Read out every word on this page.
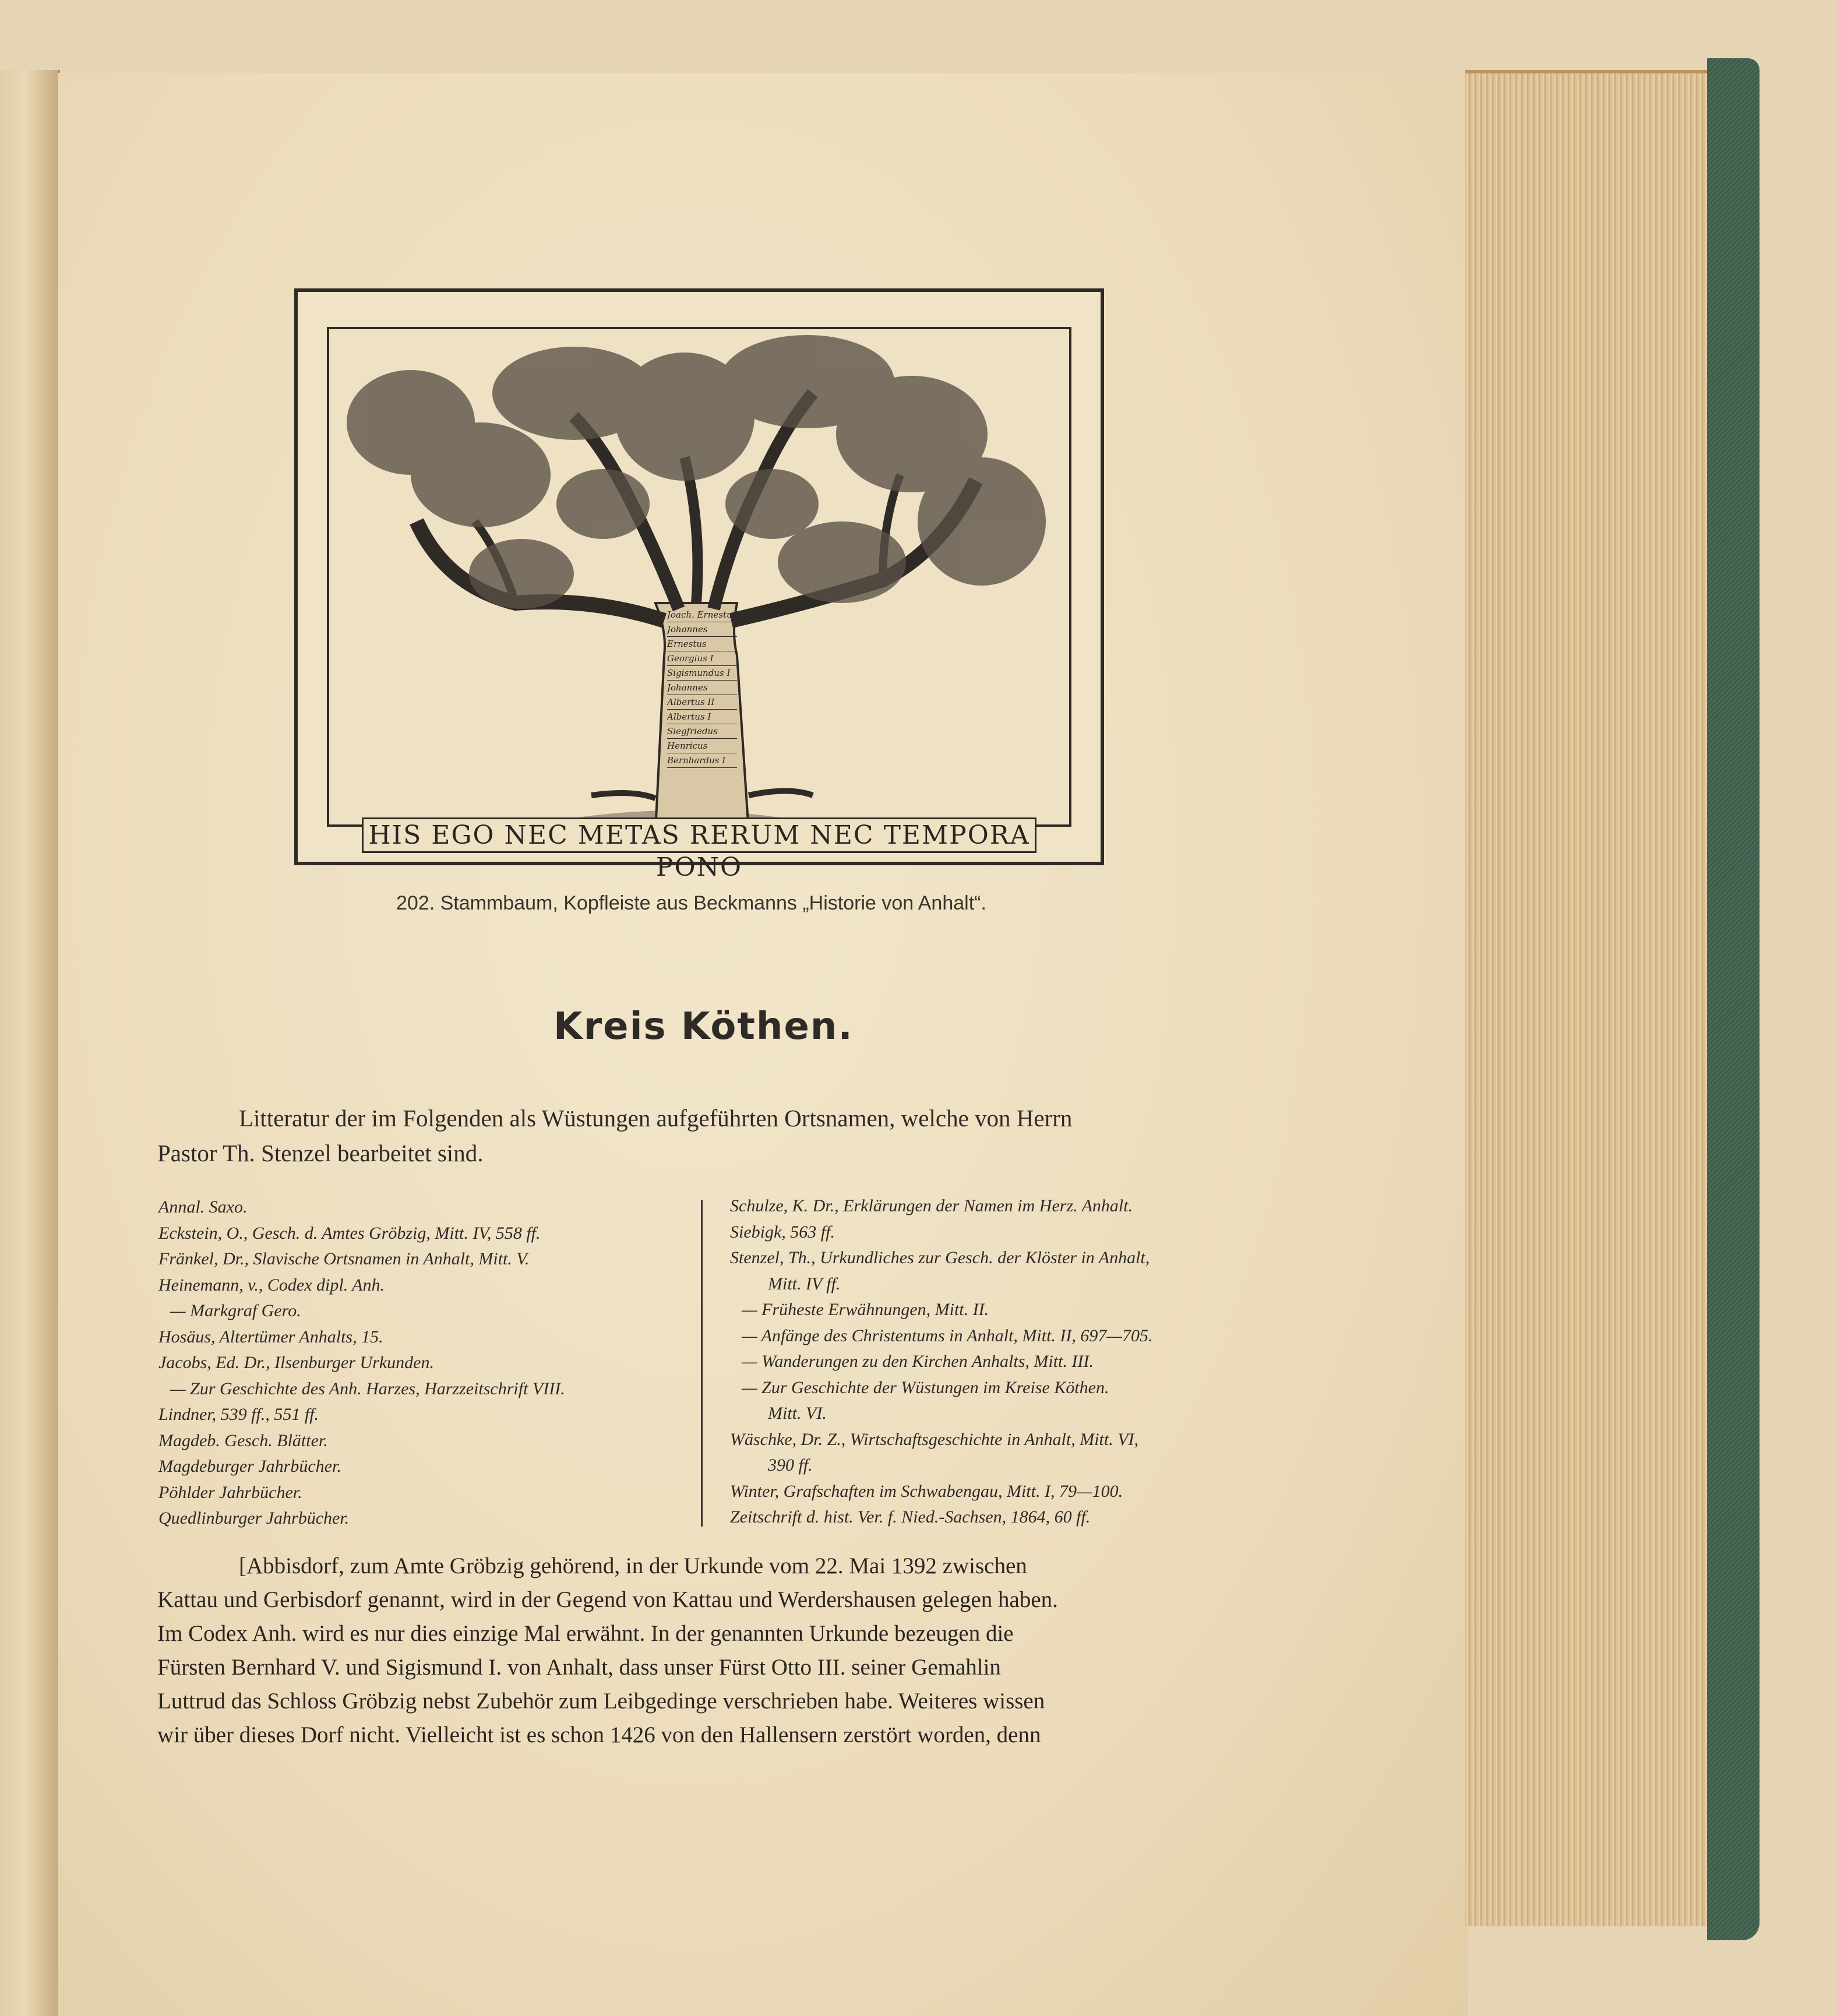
Joach. Ernestus
Johannes
Ernestus
Georgius I
Sigismundus I
Johannes
Albertus II
Albertus I
Siegfriedus
Henricus
Bernhardus I
HIS EGO NEC METAS RERUM NEC TEMPORA PONO
202. Stammbaum, Kopfleiste aus Beckmanns „Historie von Anhalt“.
Kreis Köthen.
Litteratur der im Folgenden als Wüstungen aufgeführten Ortsnamen, welche von Herrn
Pastor Th. Stenzel bearbeitet sind.
Annal. Saxo.
Eckstein, O., Gesch. d. Amtes Gröbzig, Mitt. IV, 558 ff.
Fränkel, Dr., Slavische Ortsnamen in Anhalt, Mitt. V.
Heinemann, v., Codex dipl. Anh.
— Markgraf Gero.
Hosäus, Altertümer Anhalts, 15.
Jacobs, Ed. Dr., Ilsenburger Urkunden.
— Zur Geschichte des Anh. Harzes, Harzzeitschrift VIII.
Lindner, 539 ff., 551 ff.
Magdeb. Gesch. Blätter.
Magdeburger Jahrbücher.
Pöhlder Jahrbücher.
Quedlinburger Jahrbücher.
Schulze, K. Dr., Erklärungen der Namen im Herz. Anhalt.
Siebigk, 563 ff.
Stenzel, Th., Urkundliches zur Gesch. der Klöster in Anhalt,
Mitt. IV ff.
— Früheste Erwähnungen, Mitt. II.
— Anfänge des Christentums in Anhalt, Mitt. II, 697—705.
— Wanderungen zu den Kirchen Anhalts, Mitt. III.
— Zur Geschichte der Wüstungen im Kreise Köthen.
Mitt. VI.
Wäschke, Dr. Z., Wirtschaftsgeschichte in Anhalt, Mitt. VI,
390 ff.
Winter, Grafschaften im Schwabengau, Mitt. I, 79—100.
Zeitschrift d. hist. Ver. f. Nied.-Sachsen, 1864, 60 ff.
[Abbisdorf, zum Amte Gröbzig gehörend, in der Urkunde vom 22. Mai 1392 zwischen
Kattau und Gerbisdorf genannt, wird in der Gegend von Kattau und Werdershausen gelegen haben.
Im Codex Anh. wird es nur dies einzige Mal erwähnt. In der genannten Urkunde bezeugen die
Fürsten Bernhard V. und Sigismund I. von Anhalt, dass unser Fürst Otto III. seiner Gemahlin
Luttrud das Schloss Gröbzig nebst Zubehör zum Leibgedinge verschrieben habe. Weiteres wissen
wir über dieses Dorf nicht. Vielleicht ist es schon 1426 von den Hallensern zerstört worden, denn
